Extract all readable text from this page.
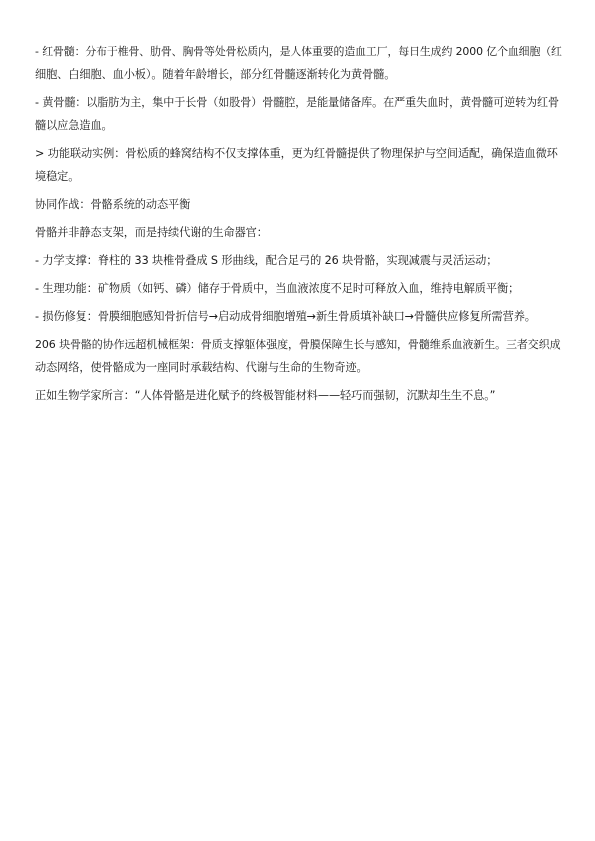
- 红骨髓：分布于椎骨、肋骨、胸骨等处骨松质内，是人体重要的造血工厂，每日生成约 2000 亿个血细胞（红
细胞、白细胞、血小板）。随着年龄增长，部分红骨髓逐渐转化为黄骨髓。

- 黄骨髓：以脂肪为主，集中于长骨（如股骨）骨髓腔，是能量储备库。在严重失血时，黄骨髓可逆转为红骨
髓以应急造血。

> 功能联动实例：骨松质的蜂窝结构不仅支撑体重，更为红骨髓提供了物理保护与空间适配，确保造血微环
境稳定。

协同作战：骨骼系统的动态平衡

骨骼并非静态支架，而是持续代谢的生命器官：

- 力学支撑：脊柱的 33 块椎骨叠成 S 形曲线，配合足弓的 26 块骨骼，实现减震与灵活运动；

- 生理功能：矿物质（如钙、磷）储存于骨质中，当血液浓度不足时可释放入血，维持电解质平衡；

- 损伤修复：骨膜细胞感知骨折信号→启动成骨细胞增殖→新生骨质填补缺口→骨髓供应修复所需营养。

206 块骨骼的协作远超机械框架：骨质支撑躯体强度，骨膜保障生长与感知，骨髓维系血液新生。三者交织成
动态网络，使骨骼成为一座同时承载结构、代谢与生命的生物奇迹。

正如生物学家所言：“人体骨骼是进化赋予的终极智能材料——轻巧而强韧，沉默却生生不息。”
